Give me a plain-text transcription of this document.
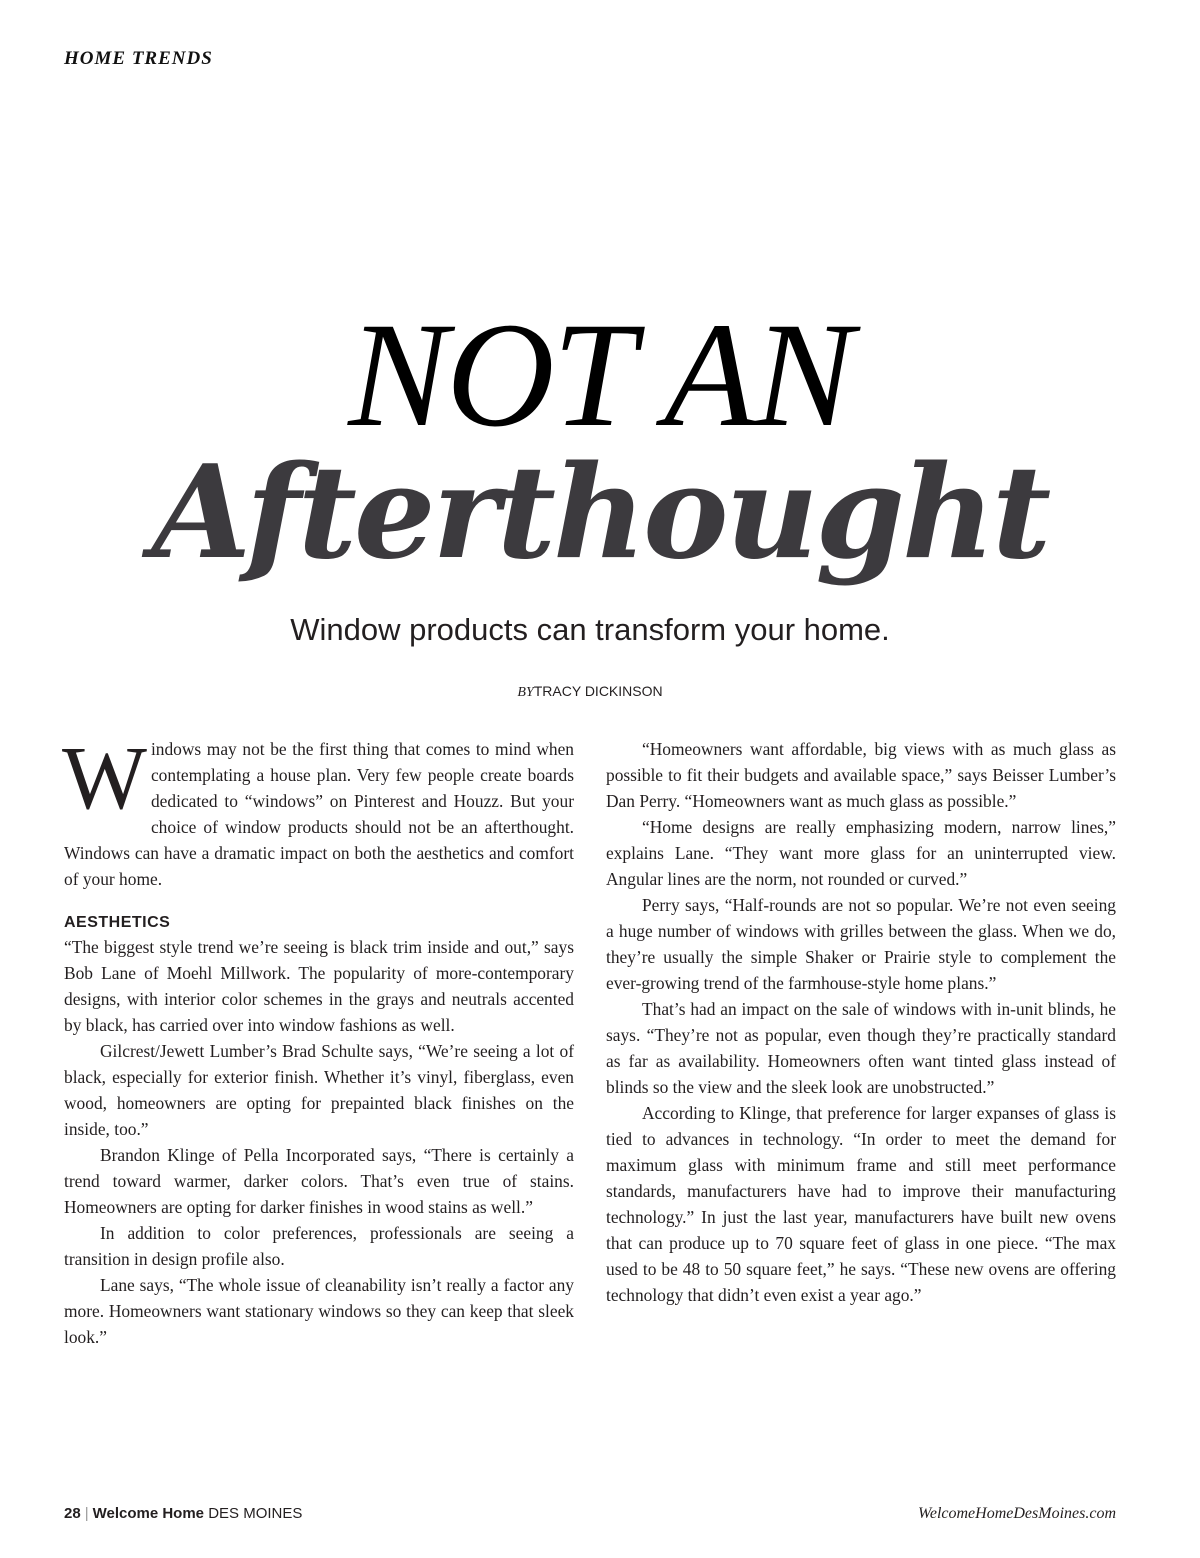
HOME TRENDS
NOT AN
Afterthought
Window products can transform your home.
BYTRACY DICKINSON

Windows may not be the first thing that comes to mind when contemplating a house plan. Very few people create boards dedicated to “windows” on Pinterest and Houzz. But your choice of window products should not be an afterthought. Windows can have a dramatic impact on both the aesthetics and comfort of your home.

AESTHETICS

“The biggest style trend we’re seeing is black trim inside and out,” says Bob Lane of Moehl Millwork. The popularity of more-contemporary designs, with interior color schemes in the grays and neutrals accented by black, has carried over into window fashions as well.

Gilcrest/Jewett Lumber’s Brad Schulte says, “We’re seeing a lot of black, especially for exterior finish. Whether it’s vinyl, fiberglass, even wood, homeowners are opting for prepainted black finishes on the inside, too.”

Brandon Klinge of Pella Incorporated says, “There is certainly a trend toward warmer, darker colors. That’s even true of stains. Homeowners are opting for darker finishes in wood stains as well.”

In addition to color preferences, professionals are seeing a transition in design profile also.

Lane says, “The whole issue of cleanability isn’t really a factor any more. Homeowners want stationary windows so they can keep that sleek look.”

“Homeowners want affordable, big views with as much glass as possible to fit their budgets and available space,” says Beisser Lumber’s Dan Perry. “Homeowners want as much glass as possible.”

“Home designs are really emphasizing modern, narrow lines,” explains Lane. “They want more glass for an uninterrupted view. Angular lines are the norm, not rounded or curved.”

Perry says, “Half-rounds are not so popular. We’re not even seeing a huge number of windows with grilles between the glass. When we do, they’re usually the simple Shaker or Prairie style to complement the ever-growing trend of the farmhouse-style home plans.”

That’s had an impact on the sale of windows with in-unit blinds, he says. “They’re not as popular, even though they’re practically standard as far as availability. Homeowners often want tinted glass instead of blinds so the view and the sleek look are unobstructed.”

According to Klinge, that preference for larger expanses of glass is tied to advances in technology. “In order to meet the demand for maximum glass with minimum frame and still meet performance standards, manufacturers have had to improve their manufacturing technology.” In just the last year, manufacturers have built new ovens that can produce up to 70 square feet of glass in one piece. “The max used to be 48 to 50 square feet,” he says. “These new ovens are offering technology that didn’t even exist a year ago.”

28 | Welcome Home DES MOINES	WelcomeHomeDesMoines.com
